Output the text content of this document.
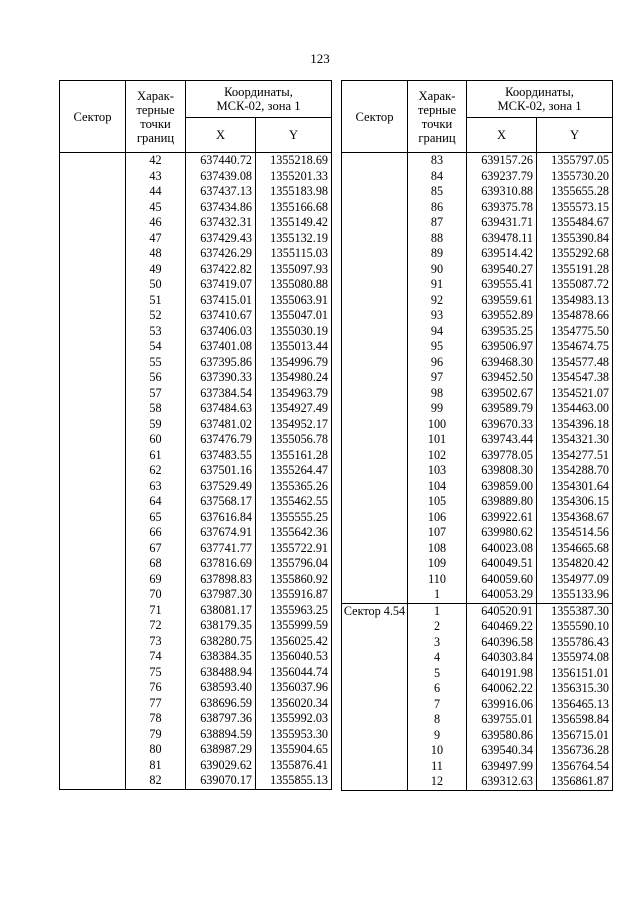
123
Сектор	Харак-
терные
точки
границ	Координаты,
МСК-02, зона 1	
		X	Y
	42	637440.72	1355218.69
	43	637439.08	1355201.33
	44	637437.13	1355183.98
	45	637434.86	1355166.68
	46	637432.31	1355149.42
	47	637429.43	1355132.19
	48	637426.29	1355115.03
	49	637422.82	1355097.93
	50	637419.07	1355080.88
	51	637415.01	1355063.91
	52	637410.67	1355047.01
	53	637406.03	1355030.19
	54	637401.08	1355013.44
	55	637395.86	1354996.79
	56	637390.33	1354980.24
	57	637384.54	1354963.79
	58	637484.63	1354927.49
	59	637481.02	1354952.17
	60	637476.79	1355056.78
	61	637483.55	1355161.28
	62	637501.16	1355264.47
	63	637529.49	1355365.26
	64	637568.17	1355462.55
	65	637616.84	1355555.25
	66	637674.91	1355642.36
	67	637741.77	1355722.91
	68	637816.69	1355796.04
	69	637898.83	1355860.92
	70	637987.30	1355916.87
	71	638081.17	1355963.25
	72	638179.35	1355999.59
	73	638280.75	1356025.42
	74	638384.35	1356040.53
	75	638488.94	1356044.74
	76	638593.40	1356037.96
	77	638696.59	1356020.34
	78	638797.36	1355992.03
	79	638894.59	1355953.30
	80	638987.29	1355904.65
	81	639029.62	1355876.41
	82	639070.17	1355855.13
Сектор	Харак-
терные
точки
границ	Координаты,
МСК-02, зона 1	
		X	Y
	83	639157.26	1355797.05
	84	639237.79	1355730.20
	85	639310.88	1355655.28
	86	639375.78	1355573.15
	87	639431.71	1355484.67
	88	639478.11	1355390.84
	89	639514.42	1355292.68
	90	639540.27	1355191.28
	91	639555.41	1355087.72
	92	639559.61	1354983.13
	93	639552.89	1354878.66
	94	639535.25	1354775.50
	95	639506.97	1354674.75
	96	639468.30	1354577.48
	97	639452.50	1354547.38
	98	639502.67	1354521.07
	99	639589.79	1354463.00
	100	639670.33	1354396.18
	101	639743.44	1354321.30
	102	639778.05	1354277.51
	103	639808.30	1354288.70
	104	639859.00	1354301.64
	105	639889.80	1354306.15
	106	639922.61	1354368.67
	107	639980.62	1354514.56
	108	640023.08	1354665.68
	109	640049.51	1354820.42
	110	640059.60	1354977.09
	1	640053.29	1355133.96
Сектор 4.54	1	640520.91	1355387.30
	2	640469.22	1355590.10
	3	640396.58	1355786.43
	4	640303.84	1355974.08
	5	640191.98	1356151.01
	6	640062.22	1356315.30
	7	639916.06	1356465.13
	8	639755.01	1356598.84
	9	639580.86	1356715.01
	10	639540.34	1356736.28
	11	639497.99	1356764.54
	12	639312.63	1356861.87
